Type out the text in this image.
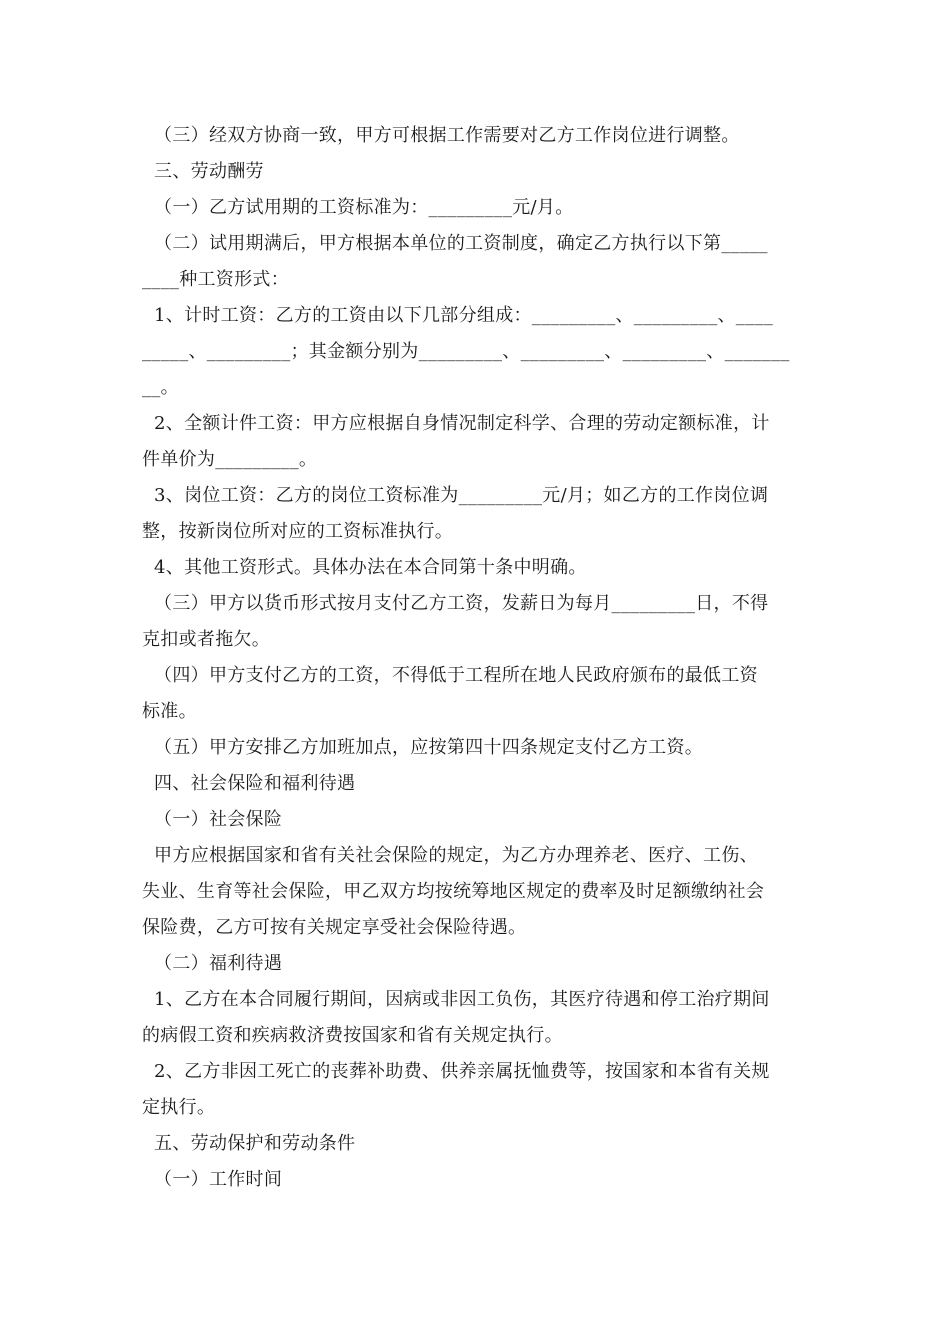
（三）经双方协商一致，甲方可根据工作需要对乙方工作岗位进行调整。
三、劳动酬劳
（一）乙方试用期的工资标准为：_________元/月。
（二）试用期满后，甲方根据本单位的工资制度，确定乙方执行以下第_____
____种工资形式：
1、计时工资：乙方的工资由以下几部分组成：_________、_________、____
_____、_________；其金额分别为_________、_________、_________、_______
__。
2、全额计件工资：甲方应根据自身情况制定科学、合理的劳动定额标准，计
件单价为_________。
3、岗位工资：乙方的岗位工资标准为_________元/月；如乙方的工作岗位调
整，按新岗位所对应的工资标准执行。
4、其他工资形式。具体办法在本合同第十条中明确。
（三）甲方以货币形式按月支付乙方工资，发薪日为每月_________日，不得
克扣或者拖欠。
（四）甲方支付乙方的工资，不得低于工程所在地人民政府颁布的最低工资
标准。
（五）甲方安排乙方加班加点，应按第四十四条规定支付乙方工资。
四、社会保险和福利待遇
（一）社会保险
甲方应根据国家和省有关社会保险的规定，为乙方办理养老、医疗、工伤、
失业、生育等社会保险，甲乙双方均按统筹地区规定的费率及时足额缴纳社会
保险费，乙方可按有关规定享受社会保险待遇。
（二）福利待遇
1、乙方在本合同履行期间，因病或非因工负伤，其医疗待遇和停工治疗期间
的病假工资和疾病救济费按国家和省有关规定执行。
2、乙方非因工死亡的丧葬补助费、供养亲属抚恤费等，按国家和本省有关规
定执行。
五、劳动保护和劳动条件
（一）工作时间
